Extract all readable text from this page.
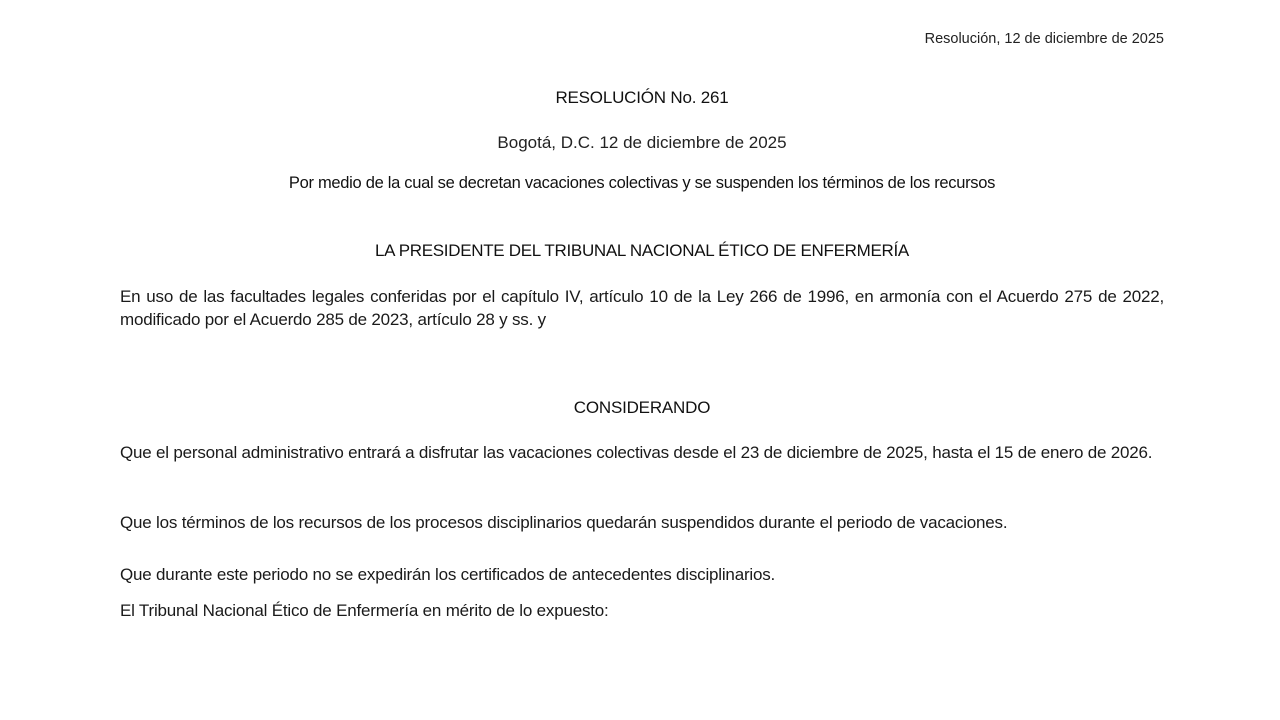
Resolución, 12 de diciembre de 2025
RESOLUCIÓN No. 261
Bogotá, D.C. 12 de diciembre de 2025
Por medio de la cual se decretan vacaciones colectivas y se suspenden los términos de los recursos
LA PRESIDENTE DEL TRIBUNAL NACIONAL ÉTICO DE ENFERMERÍA
En uso de las facultades legales conferidas por el capítulo IV, artículo 10 de la Ley 266 de 1996, en armonía con el Acuerdo 275 de 2022, modificado por el Acuerdo 285 de 2023, artículo 28 y ss. y
CONSIDERANDO
Que el personal administrativo entrará a disfrutar las vacaciones colectivas desde el 23 de diciembre de 2025, hasta el 15 de enero de 2026.
Que los términos de los recursos de los procesos disciplinarios quedarán suspendidos durante el periodo de vacaciones.
Que durante este periodo no se expedirán los certificados de antecedentes disciplinarios.
El Tribunal Nacional Ético de Enfermería en mérito de lo expuesto:
